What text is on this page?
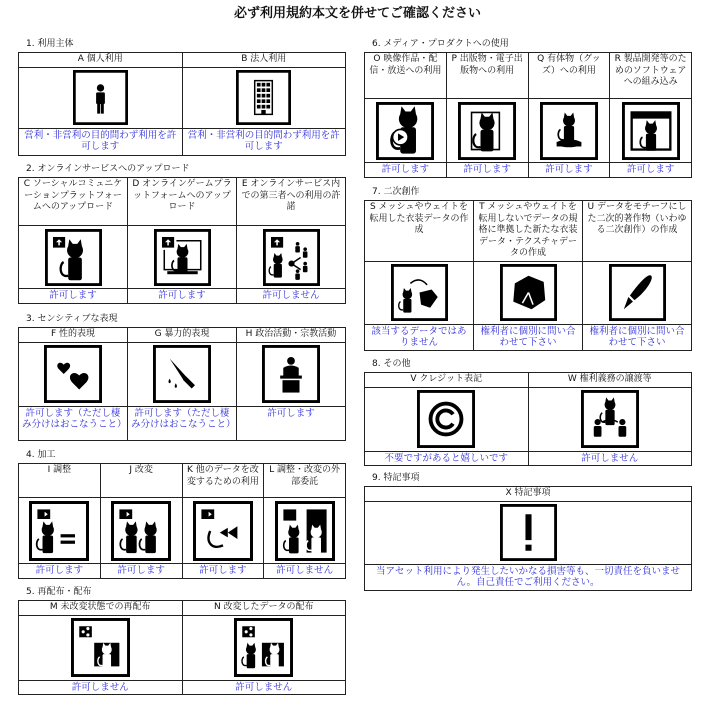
必ず利用規約本文を併せてご確認ください
1. 利用主体
A 個人利用	B 法人利用

営利・非営利の目的問わず利用を許可します	営利・非営利の目的問わず利用を許可します
2. オンラインサービスへのアップロード
C ソーシャルコミュニケーションプラットフォームへのアップロード	D オンラインゲームプラットフォームへのアップロード	E オンラインサービス内での第三者への利用の許諾

許可します	許可します	許可しません
3. センシティブな表現
F 性的表現	G 暴力的表現	H 政治活動・宗教活動

許可します（ただし棲み分けはおこなうこと）	許可します（ただし棲み分けはおこなうこと）	許可します
4. 加工
I 調整	J 改変	K 他のデータを改変するための利用	L 調整・改変の外部委託

許可します	許可します	許可します	許可しません
5. 再配布・配布
M 未改変状態での再配布	N 改変したデータの配布

許可しません	許可しません
6. メディア・プロダクトへの使用
O 映像作品・配信・放送への利用	P 出版物・電子出版物への利用	Q 有体物（グッズ）への利用	R 製品開発等のためのソフトウェアへの組み込み

許可します	許可します	許可します	許可します
7. 二次創作
S メッシュやウェイトを転用した衣装データの作成	T メッシュやウェイトを転用しないでデータの規格に準拠した新たな衣装データ・テクスチャデータの作成	U データをモチーフにした二次的著作物（いわゆる二次創作）の作成

該当するデータではありません	権利者に個別に問い合わせて下さい	権利者に個別に問い合わせて下さい
8. その他
V クレジット表記	W 権利義務の譲渡等

不要ですがあると嬉しいです	許可しません
9. 特記事項
X 特記事項

当アセット利用により発生したいかなる損害等も、一切責任を負いません。自己責任でご利用ください。
